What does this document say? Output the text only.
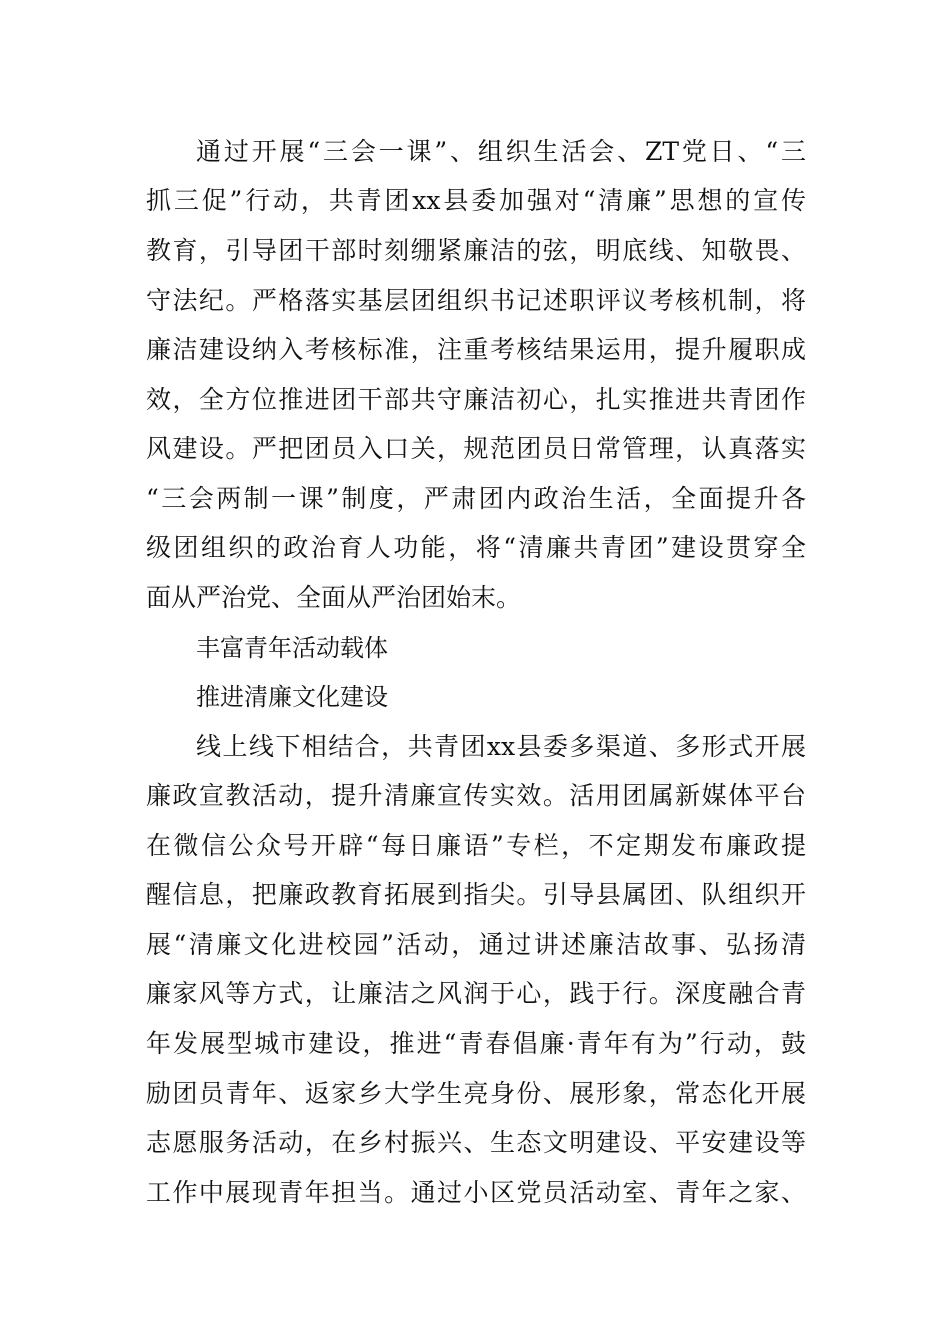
通过开展“三会一课”、组织生活会、ZT党日、“三
抓三促”行动，共青团xx县委加强对“清廉”思想的宣传
教育，引导团干部时刻绷紧廉洁的弦，明底线、知敬畏、
守法纪。严格落实基层团组织书记述职评议考核机制，将
廉洁建设纳入考核标准，注重考核结果运用，提升履职成
效，全方位推进团干部共守廉洁初心，扎实推进共青团作
风建设。严把团员入口关，规范团员日常管理，认真落实
“三会两制一课”制度，严肃团内政治生活，全面提升各
级团组织的政治育人功能，将“清廉共青团”建设贯穿全
面从严治党、全面从严治团始末。
丰富青年活动载体
推进清廉文化建设
线上线下相结合，共青团xx县委多渠道、多形式开展
廉政宣教活动，提升清廉宣传实效。活用团属新媒体平台
在微信公众号开辟“每日廉语”专栏，不定期发布廉政提
醒信息，把廉政教育拓展到指尖。引导县属团、队组织开
展“清廉文化进校园”活动，通过讲述廉洁故事、弘扬清
廉家风等方式，让廉洁之风润于心，践于行。深度融合青
年发展型城市建设，推进“青春倡廉·青年有为”行动，鼓
励团员青年、返家乡大学生亮身份、展形象，常态化开展
志愿服务活动，在乡村振兴、生态文明建设、平安建设等
工作中展现青年担当。通过小区党员活动室、青年之家、
